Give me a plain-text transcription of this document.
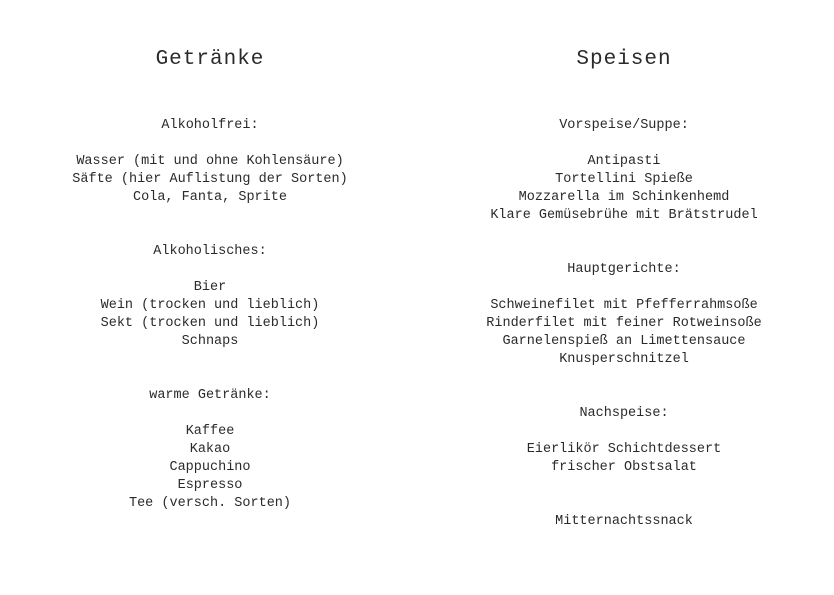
Getränke
Alkoholfrei:
Wasser (mit und ohne Kohlensäure)
Säfte (hier Auflistung der Sorten)
Cola, Fanta, Sprite
Alkoholisches:
Bier
Wein (trocken und lieblich)
Sekt (trocken und lieblich)
Schnaps
warme Getränke:
Kaffee
Kakao
Cappuchino
Espresso
Tee (versch. Sorten)
Speisen
Vorspeise/Suppe:
Antipasti
Tortellini Spieße
Mozzarella im Schinkenhemd
Klare Gemüsebrühe mit Brätstrudel
Hauptgerichte:
Schweinefilet mit Pfefferrahmsoße
Rinderfilet mit feiner Rotweinsoße
Garnelenspieß an Limettensauce
Knusperschnitzel
Nachspeise:
Eierlikör Schichtdessert
frischer Obstsalat
Mitternachtssnack
